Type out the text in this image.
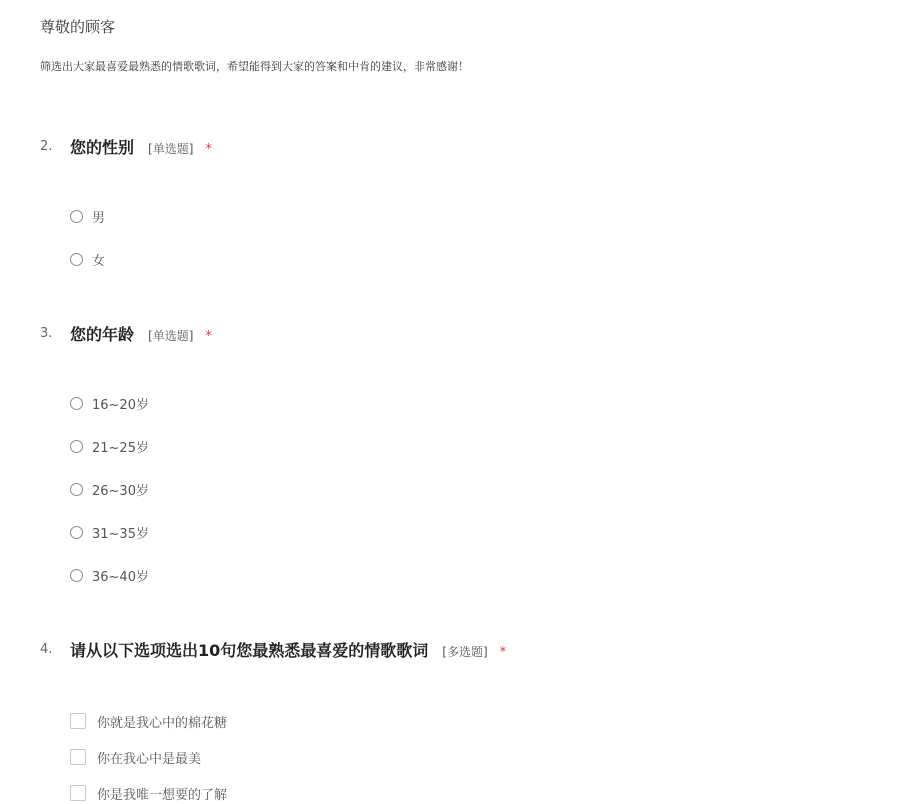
尊敬的顾客
筛选出大家最喜爱最熟悉的情歌歌词，希望能得到大家的答案和中肯的建议，非常感谢！
2. 您的性别 [单选题] *
男
女
3. 您的年龄 [单选题] *
16~20岁
21~25岁
26~30岁
31~35岁
36~40岁
4. 请从以下选项选出10句您最熟悉最喜爱的情歌歌词 [多选题] *
你就是我心中的棉花糖
你在我心中是最美
你是我唯一想要的了解
